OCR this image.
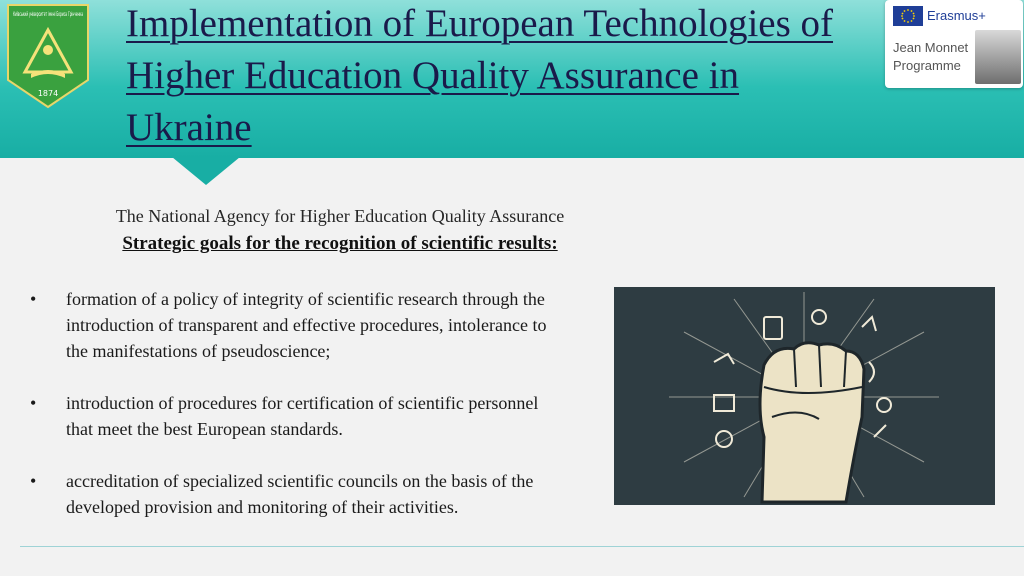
Київський університет імені Бориса Грінченка
1874
Implementation of European Technologies of Higher Education Quality Assurance in Ukraine
Erasmus+
Jean Monnet
Programme
The National Agency for Higher Education Quality Assurance
Strategic goals for the recognition of scientific results:
• formation of a policy of integrity of scientific research through the
introduction of transparent and effective procedures, intolerance to
the manifestations of pseudoscience;
• introduction of procedures for certification of scientific personnel
that meet the best European standards.
• accreditation of specialized scientific councils on the basis of the
developed provision and monitoring of their activities.
